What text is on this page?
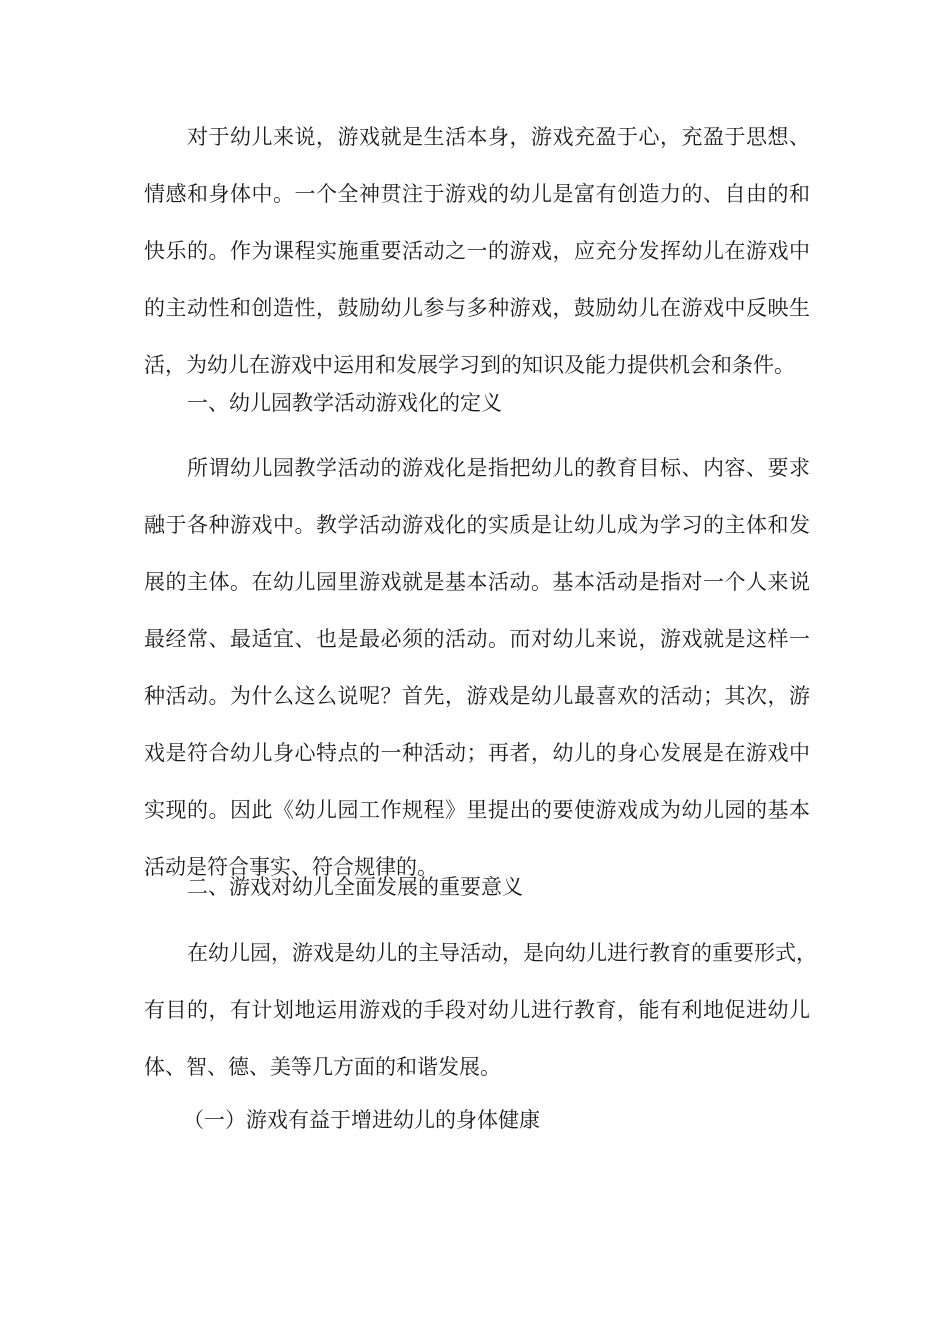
对于幼儿来说，游戏就是生活本身，游戏充盈于心，充盈于思想、
情感和身体中。一个全神贯注于游戏的幼儿是富有创造力的、自由的和
快乐的。作为课程实施重要活动之一的游戏，应充分发挥幼儿在游戏中
的主动性和创造性，鼓励幼儿参与多种游戏，鼓励幼儿在游戏中反映生
活，为幼儿在游戏中运用和发展学习到的知识及能力提供机会和条件。
一、幼儿园教学活动游戏化的定义
所谓幼儿园教学活动的游戏化是指把幼儿的教育目标、内容、要求
融于各种游戏中。教学活动游戏化的实质是让幼儿成为学习的主体和发
展的主体。在幼儿园里游戏就是基本活动。基本活动是指对一个人来说
最经常、最适宜、也是最必须的活动。而对幼儿来说，游戏就是这样一
种活动。为什么这么说呢？首先，游戏是幼儿最喜欢的活动；其次，游
戏是符合幼儿身心特点的一种活动；再者，幼儿的身心发展是在游戏中
实现的。因此《幼儿园工作规程》里提出的要使游戏成为幼儿园的基本
活动是符合事实、符合规律的。
二、游戏对幼儿全面发展的重要意义
在幼儿园，游戏是幼儿的主导活动，是向幼儿进行教育的重要形式，
有目的，有计划地运用游戏的手段对幼儿进行教育，能有利地促进幼儿
体、智、德、美等几方面的和谐发展。
（一）游戏有益于增进幼儿的身体健康
